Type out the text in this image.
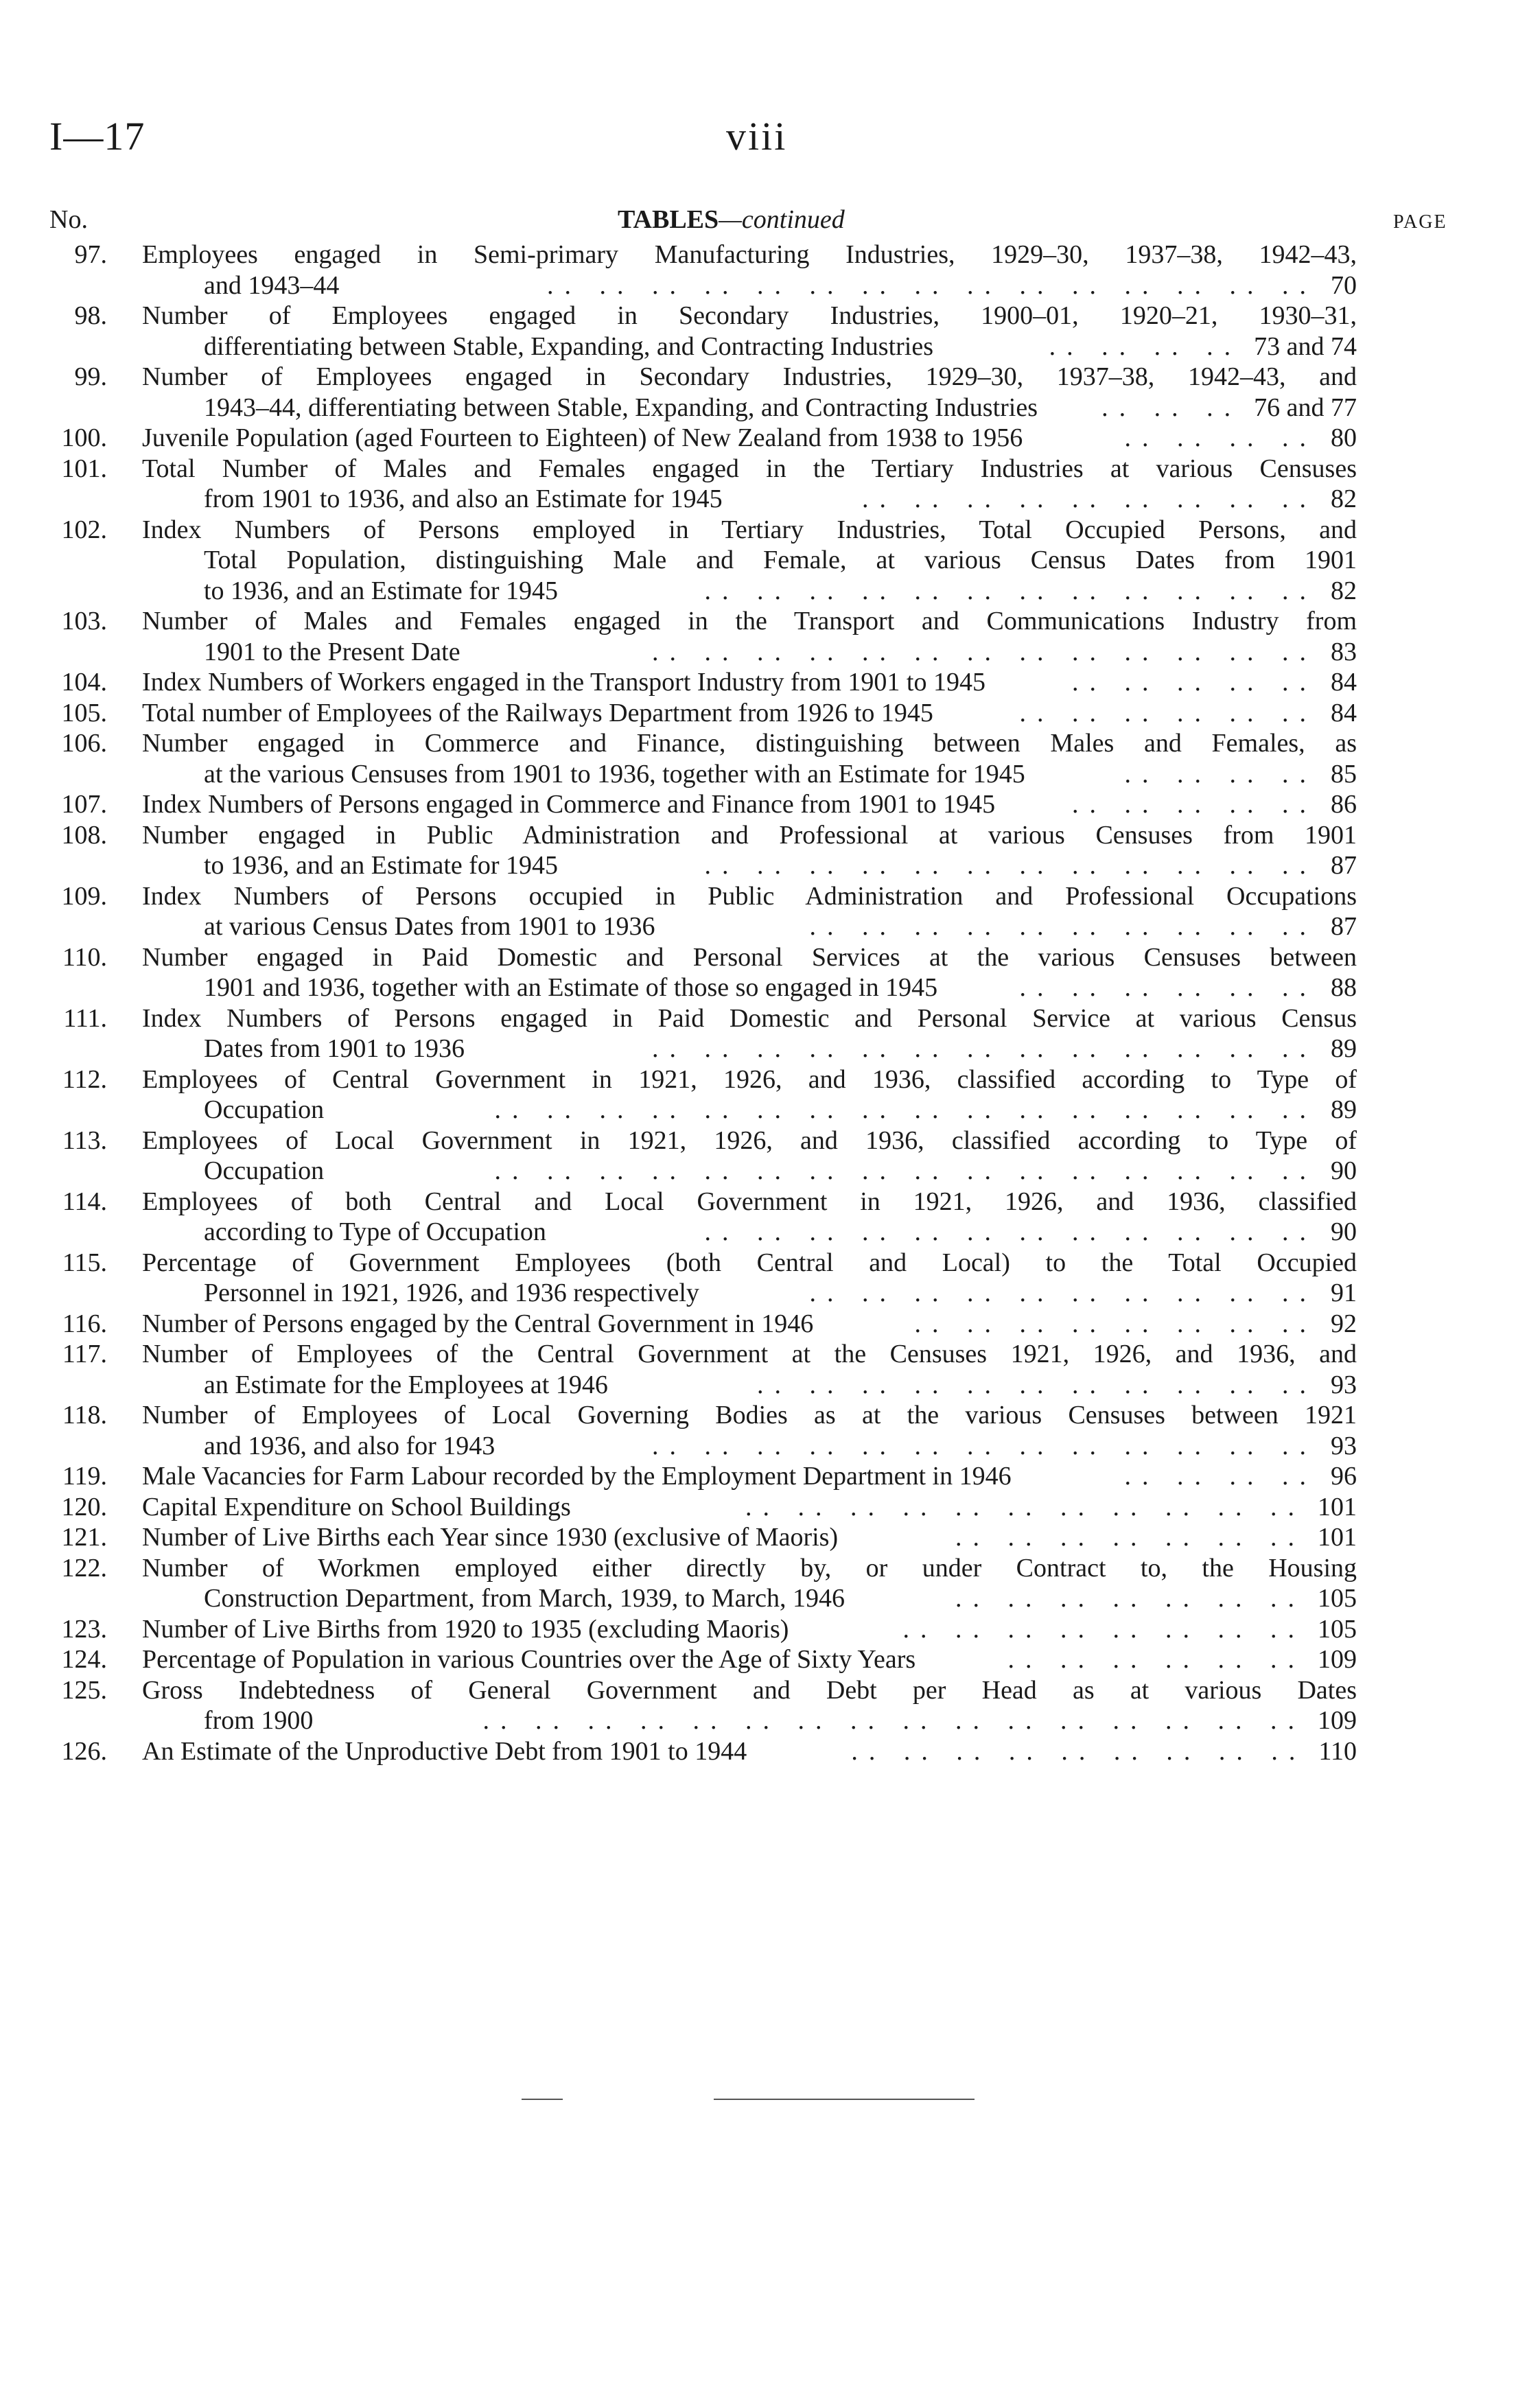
I—17	viii
No.	TABLES—continued	PAGE
97. Employees engaged in Semi-primary Manufacturing Industries, 1929–30, 1937–38, 1942–43,
and 1943–44	.. .. .. .. .. .. .. .. .. .. .. .. .. .. .. 70
98. Number of Employees engaged in Secondary Industries, 1900–01, 1920–21, 1930–31,
differentiating between Stable, Expanding, and Contracting Industries	.. .. .. .. 73 and 74
99. Number of Employees engaged in Secondary Industries, 1929–30, 1937–38, 1942–43, and
1943–44, differentiating between Stable, Expanding, and Contracting Industries	.. .. .. 76 and 77
100. Juvenile Population (aged Fourteen to Eighteen) of New Zealand from 1938 to 1956	.. .. .. .. 80
101. Total Number of Males and Females engaged in the Tertiary Industries at various Censuses
from 1901 to 1936, and also an Estimate for 1945	.. .. .. .. .. .. .. .. .. 82
102. Index Numbers of Persons employed in Tertiary Industries, Total Occupied Persons, and
Total Population, distinguishing Male and Female, at various Census Dates from 1901
to 1936, and an Estimate for 1945	.. .. .. .. .. .. .. .. .. .. .. .. 82
103. Number of Males and Females engaged in the Transport and Communications Industry from
1901 to the Present Date	.. .. .. .. .. .. .. .. .. .. .. .. .. 83
104. Index Numbers of Workers engaged in the Transport Industry from 1901 to 1945	.. .. .. .. .. 84
105. Total number of Employees of the Railways Department from 1926 to 1945	.. .. .. .. .. .. 84
106. Number engaged in Commerce and Finance, distinguishing between Males and Females, as
at the various Censuses from 1901 to 1936, together with an Estimate for 1945	.. .. .. .. 85
107. Index Numbers of Persons engaged in Commerce and Finance from 1901 to 1945	.. .. .. .. .. 86
108. Number engaged in Public Administration and Professional at various Censuses from 1901
to 1936, and an Estimate for 1945	.. .. .. .. .. .. .. .. .. .. .. .. 87
109. Index Numbers of Persons occupied in Public Administration and Professional Occupations
at various Census Dates from 1901 to 1936	.. .. .. .. .. .. .. .. .. .. 87
110. Number engaged in Paid Domestic and Personal Services at the various Censuses between
1901 and 1936, together with an Estimate of those so engaged in 1945	.. .. .. .. .. .. 88
111. Index Numbers of Persons engaged in Paid Domestic and Personal Service at various Census
Dates from 1901 to 1936	.. .. .. .. .. .. .. .. .. .. .. .. .. 89
112. Employees of Central Government in 1921, 1926, and 1936, classified according to Type of
Occupation	.. .. .. .. .. .. .. .. .. .. .. .. .. .. .. .. 89
113. Employees of Local Government in 1921, 1926, and 1936, classified according to Type of
Occupation	.. .. .. .. .. .. .. .. .. .. .. .. .. .. .. .. 90
114. Employees of both Central and Local Government in 1921, 1926, and 1936, classified
according to Type of Occupation	.. .. .. .. .. .. .. .. .. .. .. .. 90
115. Percentage of Government Employees (both Central and Local) to the Total Occupied
Personnel in 1921, 1926, and 1936 respectively	.. .. .. .. .. .. .. .. .. .. 91
116. Number of Persons engaged by the Central Government in 1946	.. .. .. .. .. .. .. .. 92
117. Number of Employees of the Central Government at the Censuses 1921, 1926, and 1936, and
an Estimate for the Employees at 1946	.. .. .. .. .. .. .. .. .. .. .. 93
118. Number of Employees of Local Governing Bodies as at the various Censuses between 1921
and 1936, and also for 1943	.. .. .. .. .. .. .. .. .. .. .. .. .. 93
119. Male Vacancies for Farm Labour recorded by the Employment Department in 1946	.. .. .. .. 96
120. Capital Expenditure on School Buildings	.. .. .. .. .. .. .. .. .. .. .. 101
121. Number of Live Births each Year since 1930 (exclusive of Maoris)	.. .. .. .. .. .. .. 101
122. Number of Workmen employed either directly by, or under Contract to, the Housing
Construction Department, from March, 1939, to March, 1946	.. .. .. .. .. .. .. 105
123. Number of Live Births from 1920 to 1935 (excluding Maoris)	.. .. .. .. .. .. .. .. 105
124. Percentage of Population in various Countries over the Age of Sixty Years	.. .. .. .. .. .. 109
125. Gross Indebtedness of General Government and Debt per Head as at various Dates
from 1900	.. .. .. .. .. .. .. .. .. .. .. .. .. .. .. .. 109
126. An Estimate of the Unproductive Debt from 1901 to 1944	.. .. .. .. .. .. .. .. .. 110
